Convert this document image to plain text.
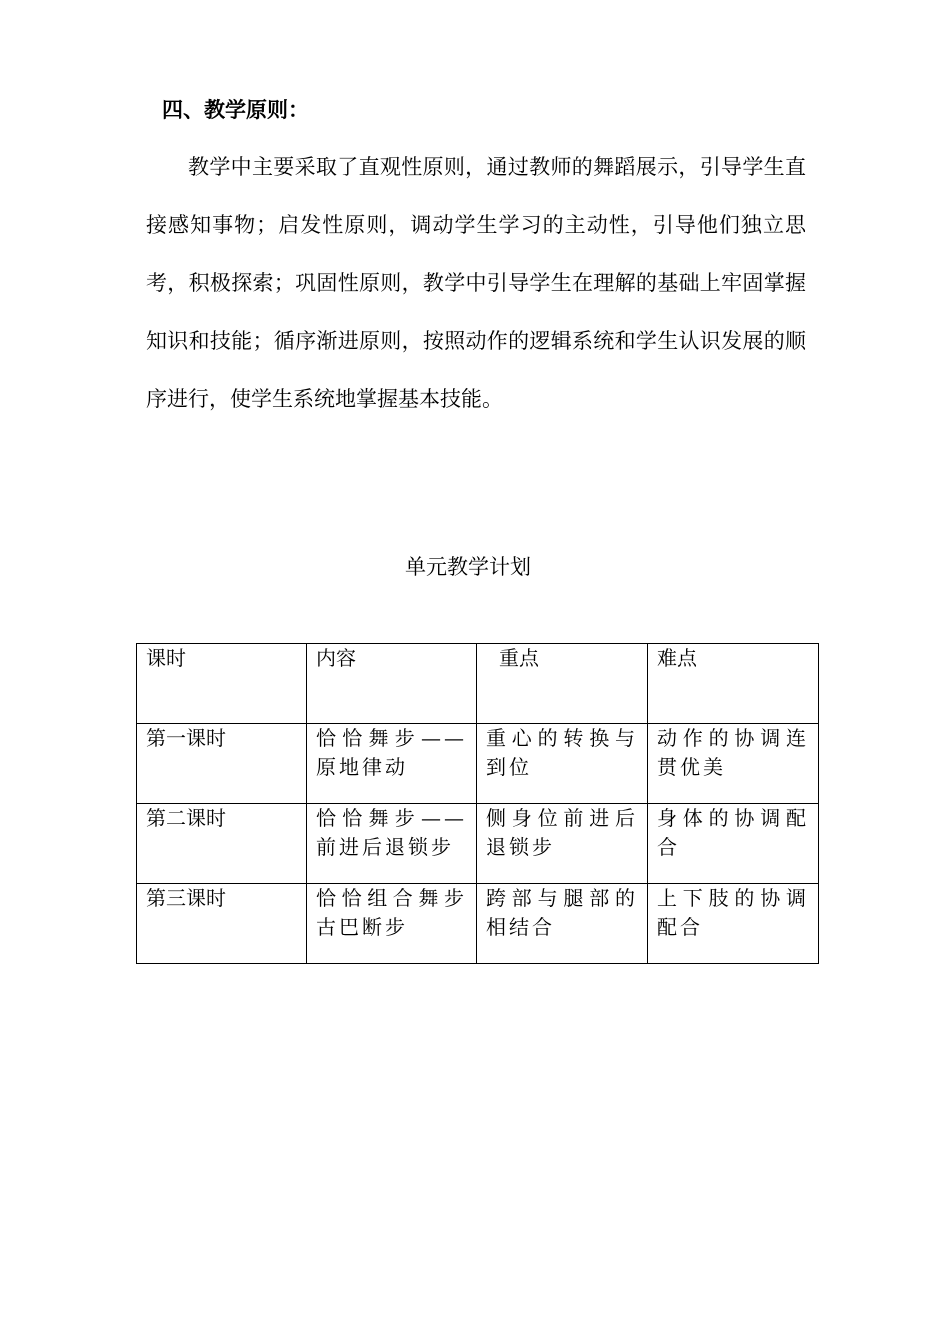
四、教学原则：

教学中主要采取了直观性原则，通过教师的舞蹈展示，引导学生直接感知事物；启发性原则，调动学生学习的主动性，引导他们独立思考，积极探索；巩固性原则，教学中引导学生在理解的基础上牢固掌握知识和技能；循序渐进原则，按照动作的逻辑系统和学生认识发展的顺序进行，使学生系统地掌握基本技能。

单元教学计划

课时	内容	重点	难点
第一课时	恰恰舞步——原地律动	重心的转换与到位	动作的协调连贯优美
第二课时	恰恰舞步——前进后退锁步	侧身位前进后退锁步	身体的协调配合
第三课时	恰恰组合舞步古巴断步	跨部与腿部的相结合	上下肢的协调配合
